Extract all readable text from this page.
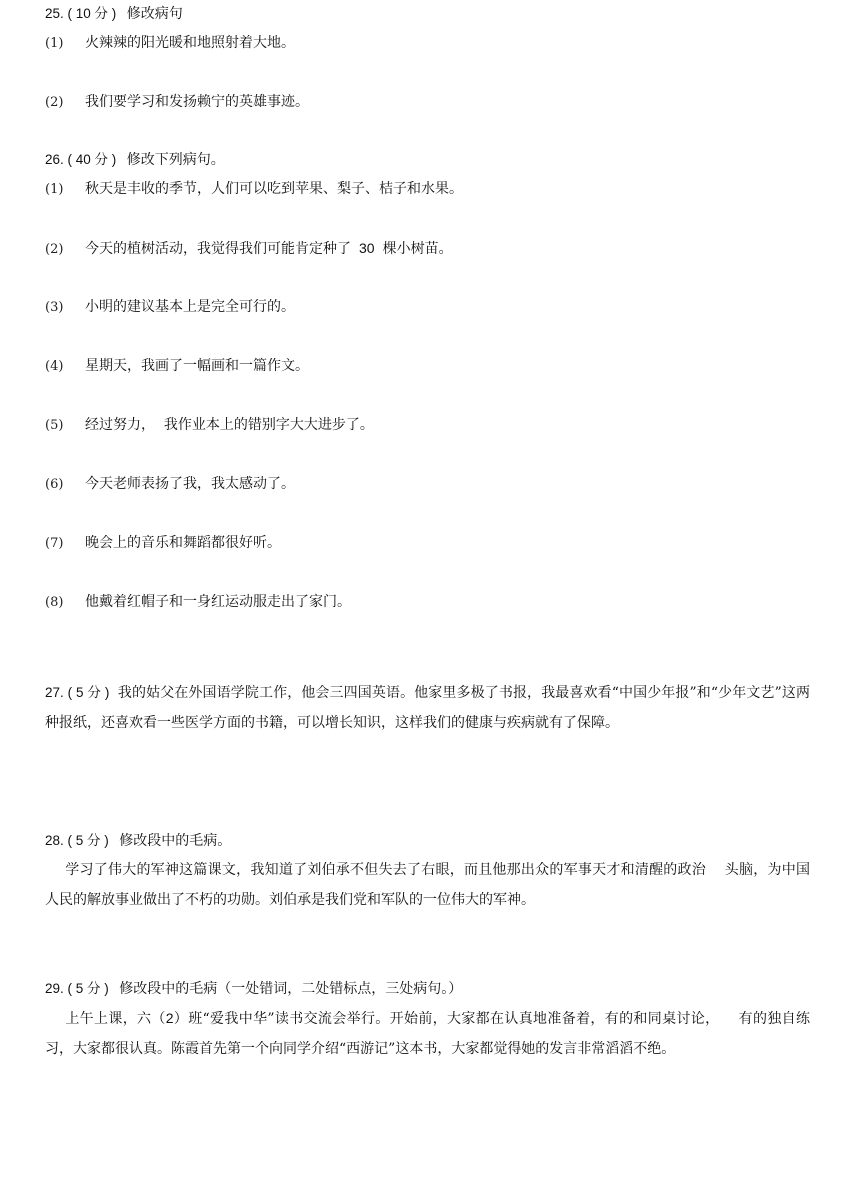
25. ( 10 分 ) 修改病句
(1) 火辣辣的阳光暖和地照射着大地。
(2) 我们要学习和发扬赖宁的英雄事迹。
26. ( 40 分 ) 修改下列病句。
(1) 秋天是丰收的季节，人们可以吃到苹果、梨子、桔子和水果。
(2) 今天的植树活动，我觉得我们可能肯定种了 30 棵小树苗。
(3) 小明的建议基本上是完全可行的。
(4) 星期天，我画了一幅画和一篇作文。
(5) 经过努力，  我作业本上的错别字大大进步了。
(6) 今天老师表扬了我，我太感动了。
(7) 晚会上的音乐和舞蹈都很好听。
(8) 他戴着红帽子和一身红运动服走出了家门。
27. ( 5 分 ) 我的姑父在外国语学院工作，他会三四国英语。他家里多极了书报，我最喜欢看“中国少年报”和“少年文艺”这两种报纸，还喜欢看一些医学方面的书籍，可以增长知识，这样我们的健康与疾病就有了保障。
28. ( 5 分 ) 修改段中的毛病。
学习了伟大的军神这篇课文，我知道了刘伯承不但失去了右眼，而且他那出众的军事天才和清醒的政治    头脑，为中国人民的解放事业做出了不朽的功勋。刘伯承是我们党和军队的一位伟大的军神。
29. ( 5 分 ) 修改段中的毛病（一处错词，二处错标点，三处病句。）
上午上课，六（2）班“爱我中华”读书交流会举行。开始前，大家都在认真地准备着，有的和同桌讨论，    有的独自练习，大家都很认真。陈霞首先第一个向同学介绍“西游记”这本书，大家都觉得她的发言非常滔滔不绝。
